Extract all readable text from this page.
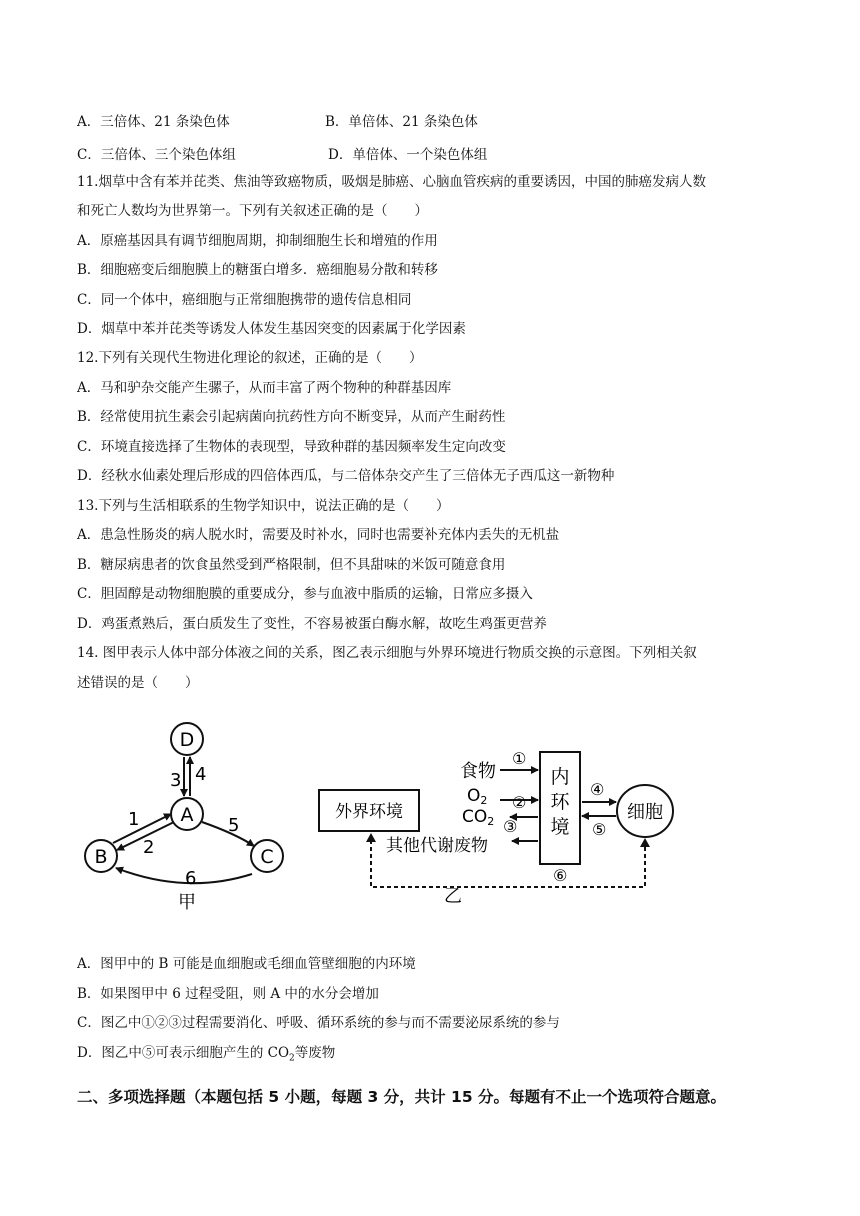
A．三倍体、21 条染色体	B．单倍体、21 条染色体
C．三倍体、三个染色体组	D．单倍体、一个染色体组
11.烟草中含有苯并芘类、焦油等致癌物质，吸烟是肺癌、心脑血管疾病的重要诱因，中国的肺癌发病人数
和死亡人数均为世界第一。下列有关叙述正确的是（　　）
A．原癌基因具有调节细胞周期，抑制细胞生长和增殖的作用
B．细胞癌变后细胞膜上的糖蛋白增多．癌细胞易分散和转移
C．同一个体中，癌细胞与正常细胞携带的遗传信息相同
D．烟草中苯并芘类等诱发人体发生基因突变的因素属于化学因素
12.下列有关现代生物进化理论的叙述，正确的是（　　）
A．马和驴杂交能产生骡子，从而丰富了两个物种的种群基因库
B．经常使用抗生素会引起病菌向抗药性方向不断变异，从而产生耐药性
C．环境直接选择了生物体的表现型，导致种群的基因频率发生定向改变
D．经秋水仙素处理后形成的四倍体西瓜，与二倍体杂交产生了三倍体无子西瓜这一新物种
13.下列与生活相联系的生物学知识中，说法正确的是（　　）
A．患急性肠炎的病人脱水时，需要及时补水，同时也需要补充体内丢失的无机盐
B．糖尿病患者的饮食虽然受到严格限制，但不具甜味的米饭可随意食用
C．胆固醇是动物细胞膜的重要成分，参与血液中脂质的运输，日常应多摄入
D．鸡蛋煮熟后，蛋白质发生了变性，不容易被蛋白酶水解，故吃生鸡蛋更营养
14. 图甲表示人体中部分体液之间的关系，图乙表示细胞与外界环境进行物质交换的示意图。下列相关叙
述错误的是（　　）
D
A
B	C
3 4
1
2
5
6
甲
外界环境
内
环
境
细胞
食物
①
O2 ②
CO2 ③
其他代谢废物
④
⑤
⑥
乙
A．图甲中的 B 可能是血细胞或毛细血管壁细胞的内环境
B．如果图甲中 6 过程受阻，则 A 中的水分会增加
C．图乙中①②③过程需要消化、呼吸、循环系统的参与而不需要泌尿系统的参与
D．图乙中⑤可表示细胞产生的 $CO_2$等废物
二、多项选择题（本题包括 5 小题，每题 3 分，共计 15 分。每题有不止一个选项符合题意。
